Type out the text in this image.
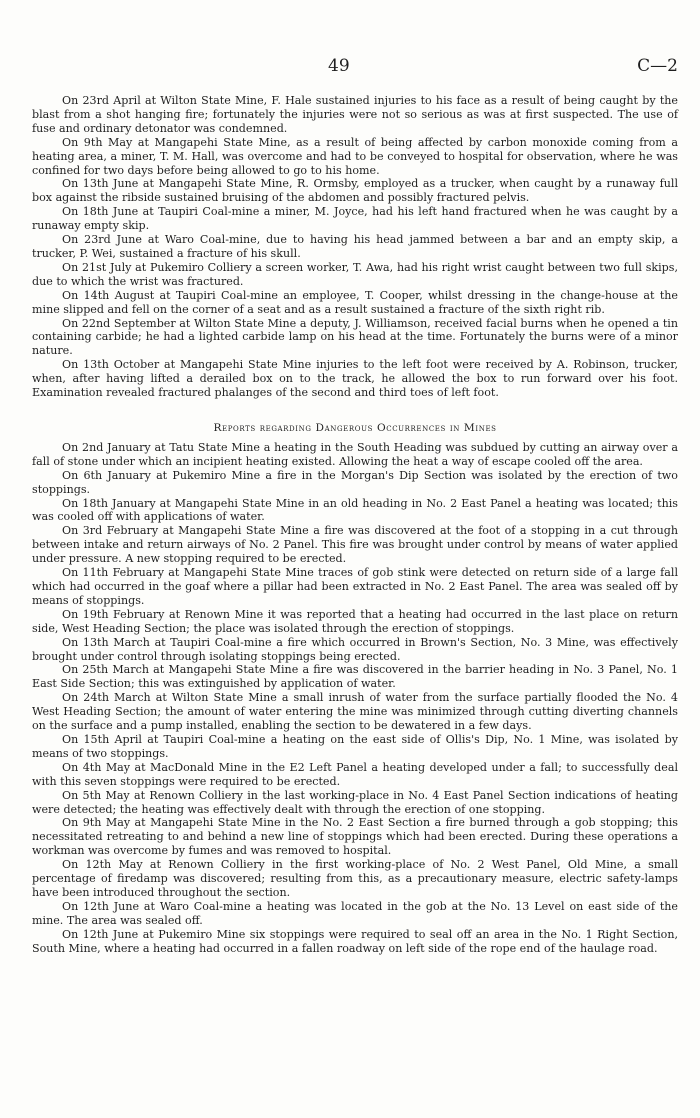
49	C—2

On 23rd April at Wilton State Mine, F. Hale sustained injuries to his face as a result of being caught by the blast from a shot hanging fire; fortunately the injuries were not so serious as was at first suspected. The use of fuse and ordinary detonator was condemned.

On 9th May at Mangapehi State Mine, as a result of being affected by carbon monoxide coming from a heating area, a miner, T. M. Hall, was overcome and had to be conveyed to hospital for observation, where he was confined for two days before being allowed to go to his home.

On 13th June at Mangapehi State Mine, R. Ormsby, employed as a trucker, when caught by a runaway full box against the ribside sustained bruising of the abdomen and possibly fractured pelvis.

On 18th June at Taupiri Coal-mine a miner, M. Joyce, had his left hand fractured when he was caught by a runaway empty skip.

On 23rd June at Waro Coal-mine, due to having his head jammed between a bar and an empty skip, a trucker, P. Wei, sustained a fracture of his skull.

On 21st July at Pukemiro Colliery a screen worker, T. Awa, had his right wrist caught between two full skips, due to which the wrist was fractured.

On 14th August at Taupiri Coal-mine an employee, T. Cooper, whilst dressing in the change-house at the mine slipped and fell on the corner of a seat and as a result sustained a fracture of the sixth right rib.

On 22nd September at Wilton State Mine a deputy, J. Williamson, received facial burns when he opened a tin containing carbide; he had a lighted carbide lamp on his head at the time. Fortunately the burns were of a minor nature.

On 13th October at Mangapehi State Mine injuries to the left foot were received by A. Robinson, trucker, when, after having lifted a derailed box on to the track, he allowed the box to run forward over his foot. Examination revealed fractured phalanges of the second and third toes of left foot.

Reports regarding Dangerous Occurrences in Mines

On 2nd January at Tatu State Mine a heating in the South Heading was subdued by cutting an airway over a fall of stone under which an incipient heating existed. Allowing the heat a way of escape cooled off the area.

On 6th January at Pukemiro Mine a fire in the Morgan's Dip Section was isolated by the erection of two stoppings.

On 18th January at Mangapehi State Mine in an old heading in No. 2 East Panel a heating was located; this was cooled off with applications of water.

On 3rd February at Mangapehi State Mine a fire was discovered at the foot of a stopping in a cut through between intake and return airways of No. 2 Panel. This fire was brought under control by means of water applied under pressure. A new stopping required to be erected.

On 11th February at Mangapehi State Mine traces of gob stink were detected on return side of a large fall which had occurred in the goaf where a pillar had been extracted in No. 2 East Panel. The area was sealed off by means of stoppings.

On 19th February at Renown Mine it was reported that a heating had occurred in the last place on return side, West Heading Section; the place was isolated through the erection of stoppings.

On 13th March at Taupiri Coal-mine a fire which occurred in Brown's Section, No. 3 Mine, was effectively brought under control through isolating stoppings being erected.

On 25th March at Mangapehi State Mine a fire was discovered in the barrier heading in No. 3 Panel, No. 1 East Side Section; this was extinguished by application of water.

On 24th March at Wilton State Mine a small inrush of water from the surface partially flooded the No. 4 West Heading Section; the amount of water entering the mine was minimized through cutting diverting channels on the surface and a pump installed, enabling the section to be dewatered in a few days.

On 15th April at Taupiri Coal-mine a heating on the east side of Ollis's Dip, No. 1 Mine, was isolated by means of two stoppings.

On 4th May at MacDonald Mine in the E2 Left Panel a heating developed under a fall; to successfully deal with this seven stoppings were required to be erected.

On 5th May at Renown Colliery in the last working-place in No. 4 East Panel Section indications of heating were detected; the heating was effectively dealt with through the erection of one stopping.

On 9th May at Mangapehi State Mine in the No. 2 East Section a fire burned through a gob stopping; this necessitated retreating to and behind a new line of stoppings which had been erected. During these operations a workman was overcome by fumes and was removed to hospital.

On 12th May at Renown Colliery in the first working-place of No. 2 West Panel, Old Mine, a small percentage of firedamp was discovered; resulting from this, as a precautionary measure, electric safety-lamps have been introduced throughout the section.

On 12th June at Waro Coal-mine a heating was located in the gob at the No. 13 Level on east side of the mine. The area was sealed off.

On 12th June at Pukemiro Mine six stoppings were required to seal off an area in the No. 1 Right Section, South Mine, where a heating had occurred in a fallen roadway on left side of the rope end of the haulage road.
